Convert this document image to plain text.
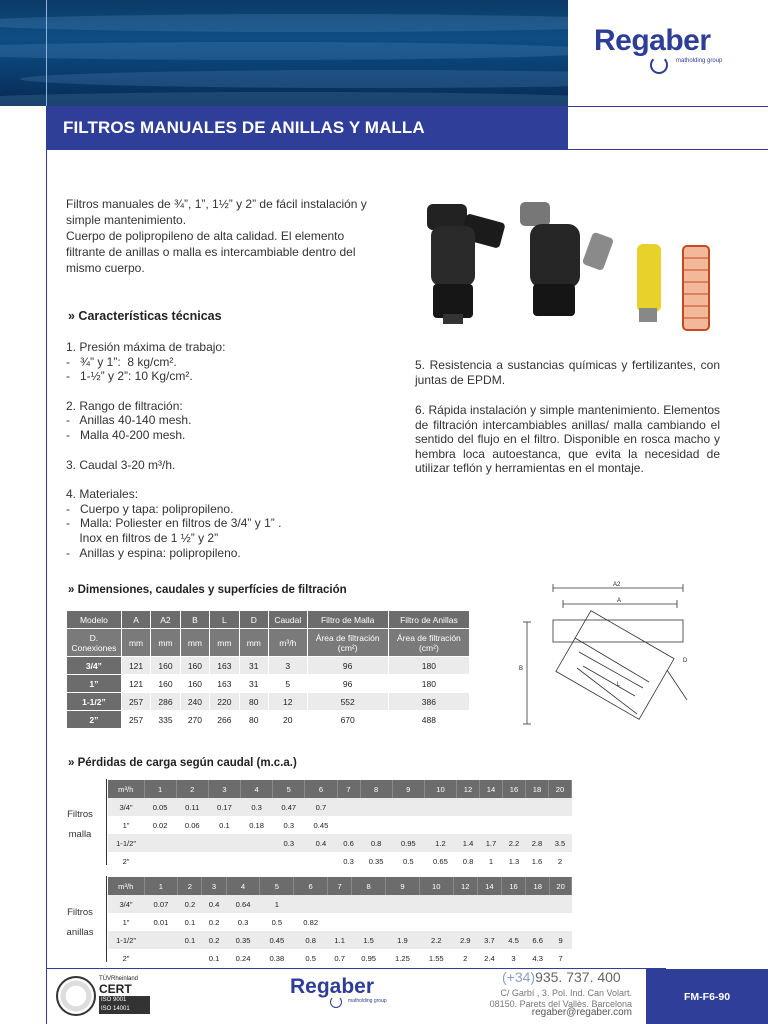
Regaber
matholding group
FILTROS MANUALES DE ANILLAS Y MALLA

Filtros manuales de ¾”, 1”, 1½” y 2” de fácil instalación y simple mantenimiento.

Cuerpo de polipropileno de alta calidad. El elemento filtrante de anillas o malla es intercambiable dentro del mismo cuerpo.

» Características técnicas
1. Presión máxima de trabajo:
-   ¾” y 1”:  8 kg/cm².
-   1-½” y 2”: 10 Kg/cm².
2. Rango de filtración:
-   Anillas 40-140 mesh.
-   Malla 40-200 mesh.
3. Caudal 3-20 m³/h.
4. Materiales:
-   Cuerpo y tapa: polipropileno.
-   Malla: Poliester en filtros de 3/4” y 1” .
Inox en filtros de 1 ½” y 2”
-   Anillas y espina: polipropileno.
5. Resistencia a sustancias químicas y fertilizantes, con juntas de EPDM.
6. Rápida instalación y simple mantenimiento. Elementos de filtración intercambiables anillas/ malla cambiando el sentido del flujo en el filtro. Disponible en rosca macho y hembra loca autoestanca, que evita la necesidad de utilizar teflón y herramientas en el montaje.
» Dimensiones, caudales y superfícies de filtración
Modelo	A	A2	B	L	D	Caudal	Filtro de Malla	Filtro de Anillas
D. Conexiones	mm	mm	mm	mm	mm	m³/h	Área de filtración (cm²)	Área de filtración (cm²)
3/4”	121	160	160	163	31	3	96	180
1”	121	160	160	163	31	5	96	180
1-1/2”	257	286	240	220	80	12	552	386
2”	257	335	270	266	80	20	670	488
A2
A
B
L
D
» Pérdidas de carga según caudal (m.c.a.)
Filtros
malla
m³/h	1	2	3	4	5	6	7	8	9	10	12	14	16	18	20
3/4”	0.05	0.11	0.17	0.3	0.47	0.7									
1”	0.02	0.06	0.1	0.18	0.3	0.45									
1-1/2”					0.3	0.4	0.6	0.8	0.95	1.2	1.4	1.7	2.2	2.8	3.5
2”							0.3	0.35	0.5	0.65	0.8	1	1.3	1.6	2
Filtros
anillas
m³/h	1	2	3	4	5	6	7	8	9	10	12	14	16	18	20
3/4”	0.07	0.2	0.4	0.64	1										
1”	0.01	0.1	0.2	0.3	0.5	0.82									
1-1/2”		0.1	0.2	0.35	0.45	0.8	1.1	1.5	1.9	2.2	2.9	3.7	4.5	6.6	9
2”			0.1	0.24	0.38	0.5	0.7	0.95	1.25	1.55	2	2.4	3	4.3	7
TÜVRheinland
CERT
ISO 9001
ISO 14001
Regaber
matholding group
(+34)935. 737. 400
C/ Garbí , 3. Pol. Ind. Can Volart.
08150. Parets del Vallès. Barcelona
regaber@regaber.com
FM-F6-90
